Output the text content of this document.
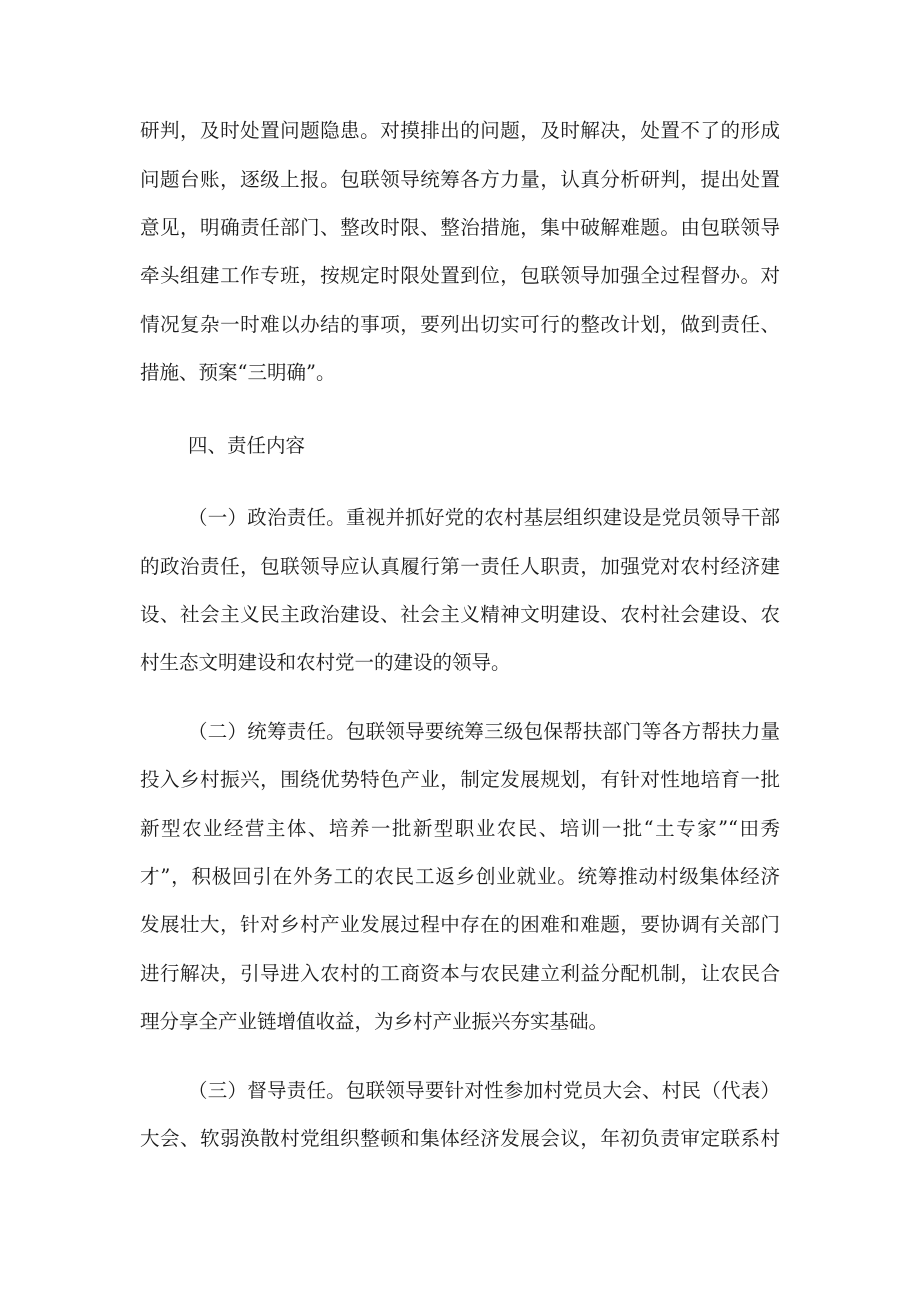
研判，及时处置问题隐患。对摸排出的问题，及时解决，处置不了的形成
问题台账，逐级上报。包联领导统筹各方力量，认真分析研判，提出处置
意见，明确责任部门、整改时限、整治措施，集中破解难题。由包联领导
牵头组建工作专班，按规定时限处置到位，包联领导加强全过程督办。对
情况复杂一时难以办结的事项，要列出切实可行的整改计划，做到责任、
措施、预案“三明确”。
四、责任内容
（一）政治责任。重视并抓好党的农村基层组织建设是党员领导干部
的政治责任，包联领导应认真履行第一责任人职责，加强党对农村经济建
设、社会主义民主政治建设、社会主义精神文明建设、农村社会建设、农
村生态文明建设和农村党一的建设的领导。
（二）统筹责任。包联领导要统筹三级包保帮扶部门等各方帮扶力量
投入乡村振兴，围绕优势特色产业，制定发展规划，有针对性地培育一批
新型农业经营主体、培养一批新型职业农民、培训一批“土专家”“田秀
才”，积极回引在外务工的农民工返乡创业就业。统筹推动村级集体经济
发展壮大，针对乡村产业发展过程中存在的困难和难题，要协调有关部门
进行解决，引导进入农村的工商资本与农民建立利益分配机制，让农民合
理分享全产业链增值收益，为乡村产业振兴夯实基础。
（三）督导责任。包联领导要针对性参加村党员大会、村民（代表）
大会、软弱涣散村党组织整顿和集体经济发展会议，年初负责审定联系村
